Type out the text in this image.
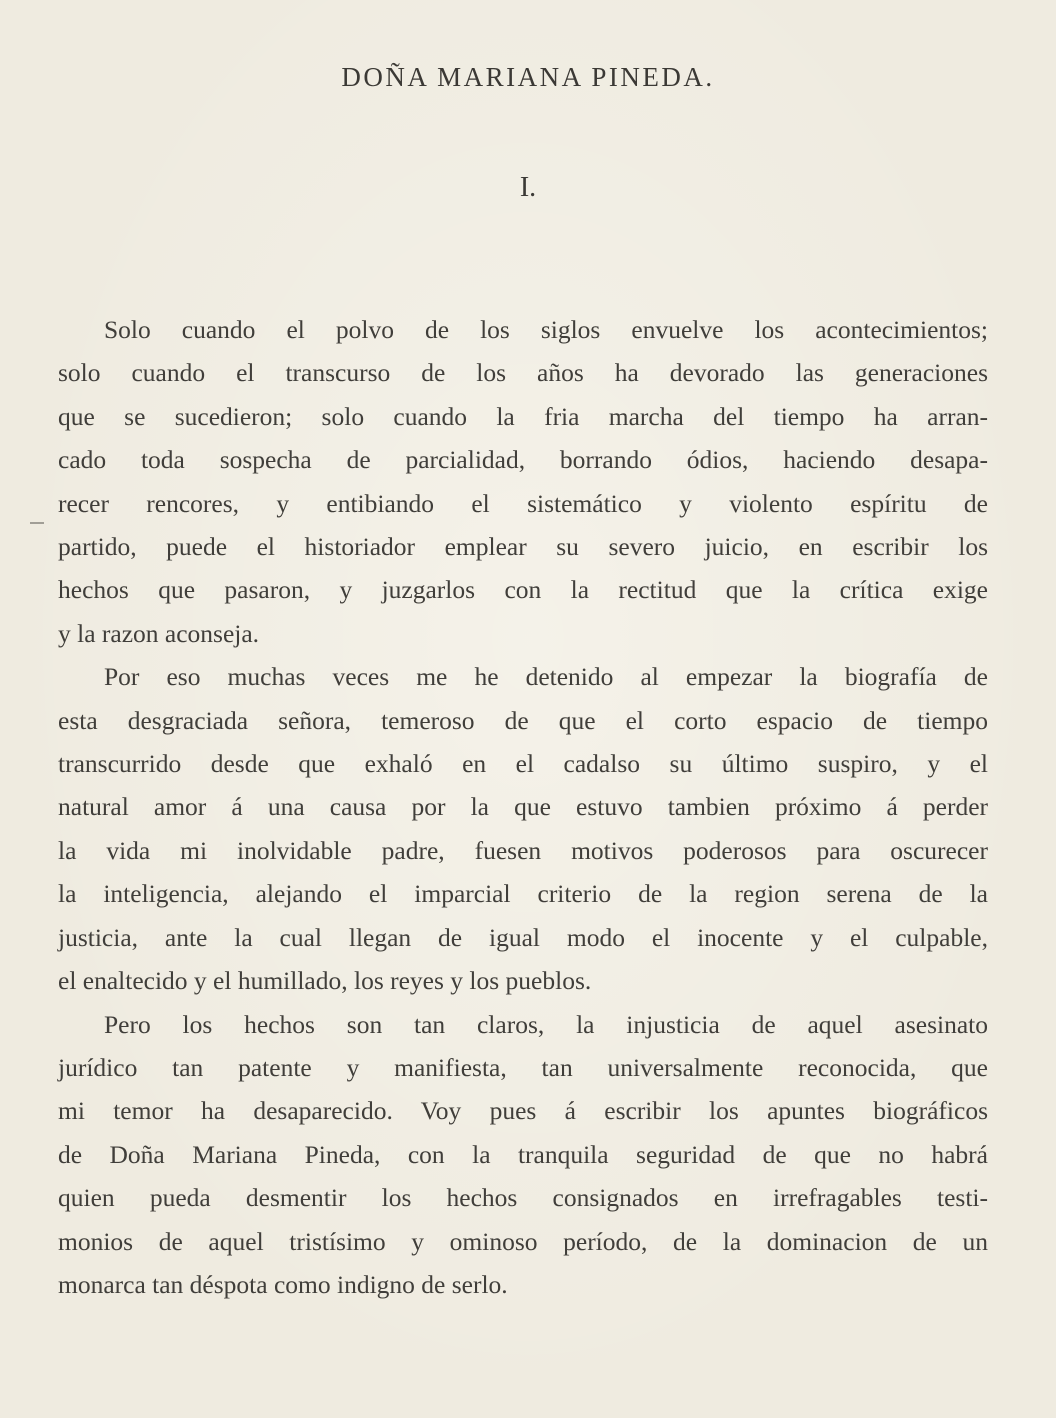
DOÑA MARIANA PINEDA.
I.

Solo cuando el polvo de los siglos envuelve los acontecimientos;
solo cuando el transcurso de los años ha devorado las generaciones
que se sucedieron; solo cuando la fria marcha del tiempo ha arran-
cado toda sospecha de parcialidad, borrando ódios, haciendo desapa-
recer rencores, y entibiando el sistemático y violento espíritu de
partido, puede el historiador emplear su severo juicio, en escribir los
hechos que pasaron, y juzgarlos con la rectitud que la crítica exige
y la razon aconseja.

Por eso muchas veces me he detenido al empezar la biografía de
esta desgraciada señora, temeroso de que el corto espacio de tiempo
transcurrido desde que exhaló en el cadalso su último suspiro, y el
natural amor á una causa por la que estuvo tambien próximo á perder
la vida mi inolvidable padre, fuesen motivos poderosos para oscurecer
la inteligencia, alejando el imparcial criterio de la region serena de la
justicia, ante la cual llegan de igual modo el inocente y el culpable,
el enaltecido y el humillado, los reyes y los pueblos.

Pero los hechos son tan claros, la injusticia de aquel asesinato
jurídico tan patente y manifiesta, tan universalmente reconocida, que
mi temor ha desaparecido. Voy pues á escribir los apuntes biográficos
de Doña Mariana Pineda, con la tranquila seguridad de que no habrá
quien pueda desmentir los hechos consignados en irrefragables testi-
monios de aquel tristísimo y ominoso período, de la dominacion de un
monarca tan déspota como indigno de serlo.
